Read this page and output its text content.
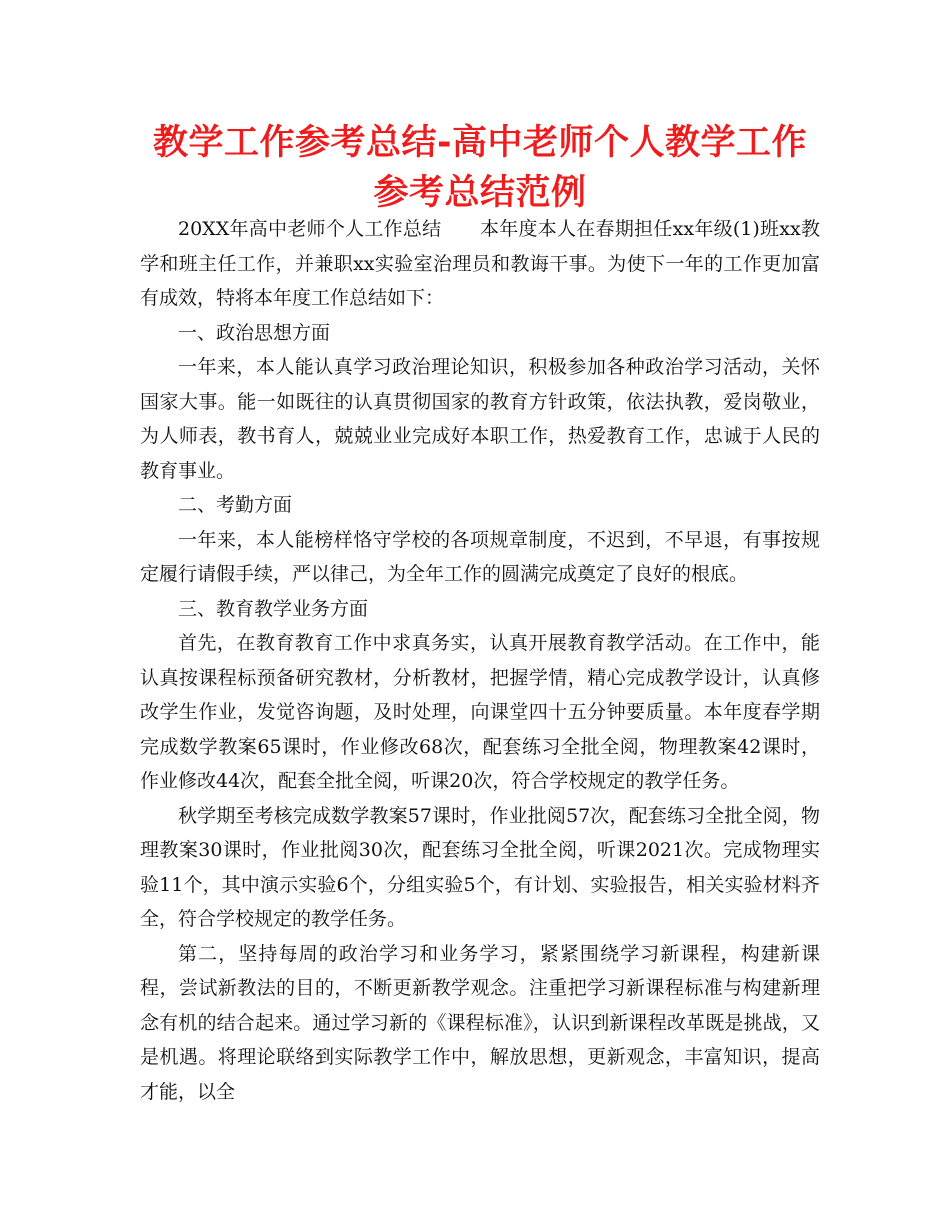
教学工作参考总结-高中老师个人教学工作参考总结范例

20XX年高中老师个人工作总结　　本年度本人在春期担任xx年级(1)班xx教学和班主任工作，并兼职xx实验室治理员和教诲干事。为使下一年的工作更加富有成效，特将本年度工作总结如下：

一、政治思想方面

一年来，本人能认真学习政治理论知识，积极参加各种政治学习活动，关怀国家大事。能一如既往的认真贯彻国家的教育方针政策，依法执教，爱岗敬业，为人师表，教书育人，兢兢业业完成好本职工作，热爱教育工作，忠诚于人民的教育事业。

二、考勤方面

一年来，本人能榜样恪守学校的各项规章制度，不迟到，不早退，有事按规定履行请假手续，严以律己，为全年工作的圆满完成奠定了良好的根底。

三、教育教学业务方面

首先，在教育教育工作中求真务实，认真开展教育教学活动。在工作中，能认真按课程标预备研究教材，分析教材，把握学情，精心完成教学设计，认真修改学生作业，发觉咨询题，及时处理，向课堂四十五分钟要质量。本年度春学期完成数学教案65课时，作业修改68次，配套练习全批全阅，物理教案42课时，作业修改44次，配套全批全阅，听课20次，符合学校规定的教学任务。

秋学期至考核完成数学教案57课时，作业批阅57次，配套练习全批全阅，物理教案30课时，作业批阅30次，配套练习全批全阅，听课2021次。完成物理实验11个，其中演示实验6个，分组实验5个，有计划、实验报告，相关实验材料齐全，符合学校规定的教学任务。

第二，坚持每周的政治学习和业务学习，紧紧围绕学习新课程，构建新课程，尝试新教法的目的，不断更新教学观念。注重把学习新课程标准与构建新理念有机的结合起来。通过学习新的《课程标准》，认识到新课程改革既是挑战，又是机遇。将理论联络到实际教学工作中，解放思想，更新观念，丰富知识，提高才能，以全
